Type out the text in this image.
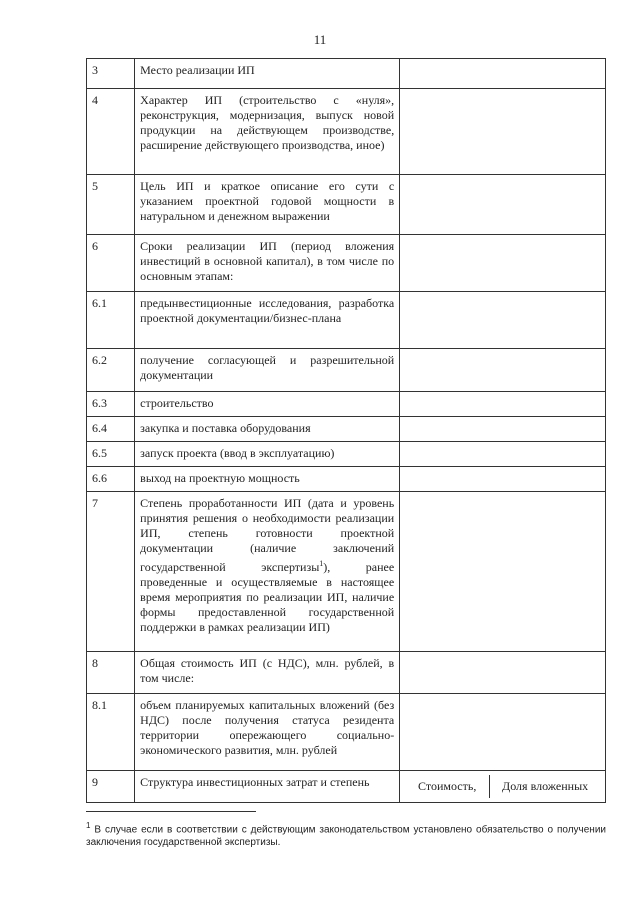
11
3	Место реализации ИП	
4	Характер ИП (строительство с «нуля», реконструкция, модернизация, выпуск новой продукции на действующем производстве, расширение действующего производства, иное)	
5	Цель ИП и краткое описание его сути с указанием проектной годовой мощности в натуральном и денежном выражении	
6	Сроки реализации ИП (период вложения инвестиций в основной капитал), в том числе по основным этапам:	
6.1	предынвестиционные исследования, разработка проектной документации/бизнес-плана	
6.2	получение согласующей и разрешительной документации	
6.3	строительство	
6.4	закупка и поставка оборудования	
6.5	запуск проекта (ввод в эксплуатацию)	
6.6	выход на проектную мощность	
7	Степень проработанности ИП (дата и уровень принятия решения о необходимости реализации ИП, степень готовности проектной документации (наличие заключений государственной экспертизы$^1$), ранее проведенные и осуществляемые в настоящее время мероприятия по реализации ИП, наличие формы предоставленной государственной поддержки в рамках реализации ИП)	
8	Общая стоимость ИП (с НДС), млн. рублей, в том числе:	
8.1	объем планируемых капитальных вложений (без НДС) после получения статуса резидента территории опережающего социально-экономического развития, млн. рублей	
9	Структура инвестиционных затрат и степень		Стоимость,	Доля вложенных
$^1$ В случае если в соответствии с действующим законодательством установлено обязательство о получении заключения государственной экспертизы.
